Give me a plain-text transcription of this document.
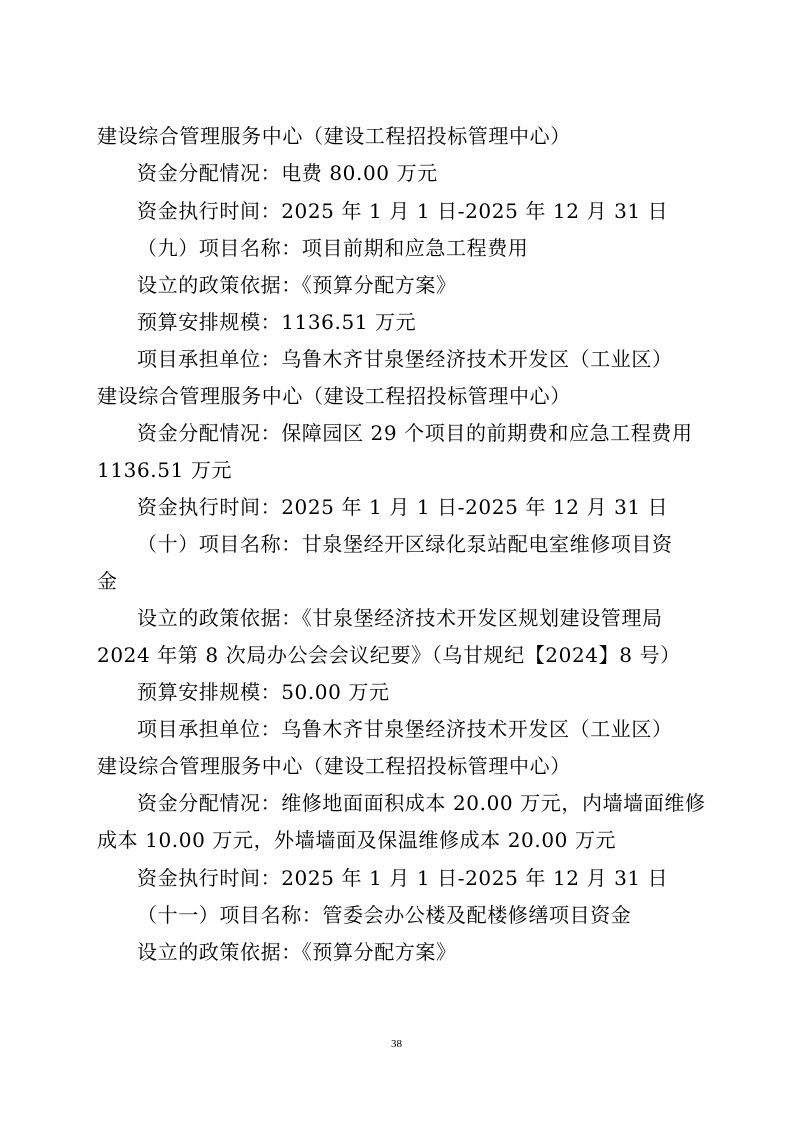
建设综合管理服务中心（建设工程招投标管理中心）
资金分配情况：电费 80.00 万元
资金执行时间：2025 年 1 月 1 日-2025 年 12 月 31 日
（九）项目名称：项目前期和应急工程费用
设立的政策依据：《预算分配方案》
预算安排规模：1136.51 万元
项目承担单位：乌鲁木齐甘泉堡经济技术开发区（工业区）
建设综合管理服务中心（建设工程招投标管理中心）
资金分配情况：保障园区 29 个项目的前期费和应急工程费用
1136.51 万元
资金执行时间：2025 年 1 月 1 日-2025 年 12 月 31 日
（十）项目名称：甘泉堡经开区绿化泵站配电室维修项目资
金
设立的政策依据：《甘泉堡经济技术开发区规划建设管理局
2024 年第 8 次局办公会会议纪要》（乌甘规纪【2024】8 号）
预算安排规模：50.00 万元
项目承担单位：乌鲁木齐甘泉堡经济技术开发区（工业区）
建设综合管理服务中心（建设工程招投标管理中心）
资金分配情况：维修地面面积成本 20.00 万元，内墙墙面维修
成本 10.00 万元，外墙墙面及保温维修成本 20.00 万元
资金执行时间：2025 年 1 月 1 日-2025 年 12 月 31 日
（十一）项目名称：管委会办公楼及配楼修缮项目资金
设立的政策依据：《预算分配方案》
38
